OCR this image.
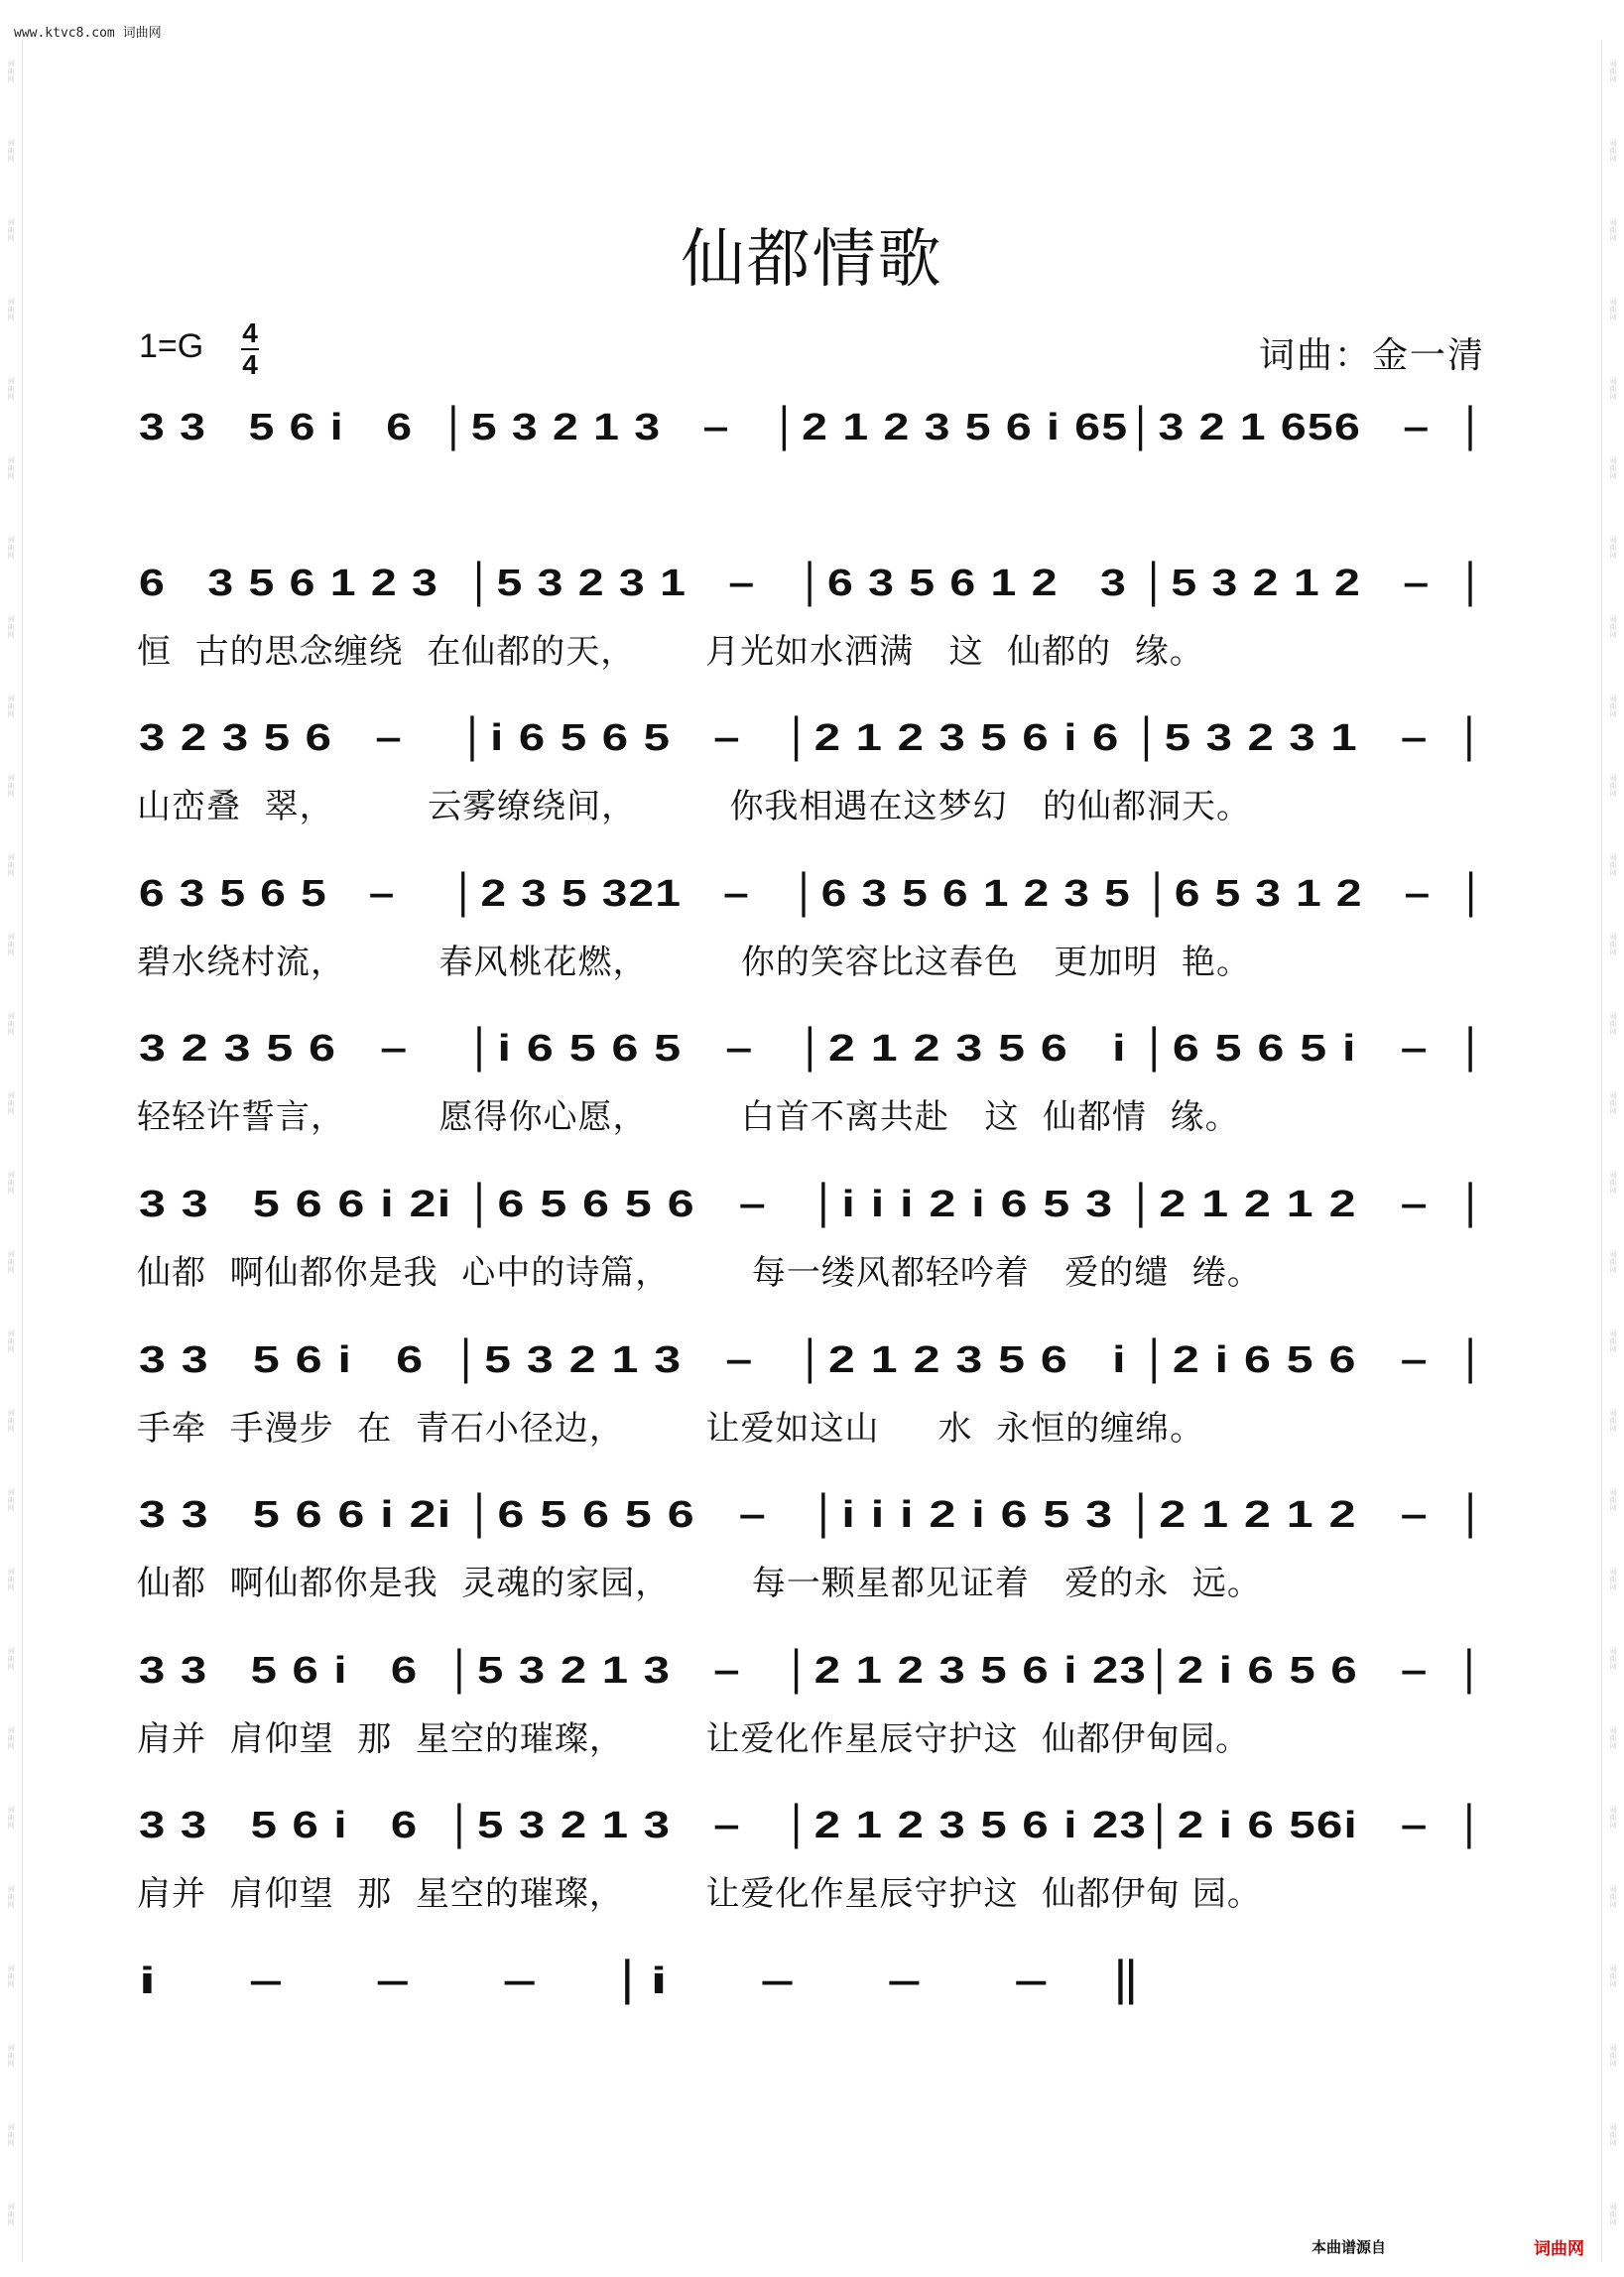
www.ktvc8.com 词曲网
词
曲
网
词
曲
网
词
曲
网
词
曲
网
词
曲
网
词
曲
网
词
曲
网
词
曲
网
词
曲
网
词
曲
网
词
曲
网
词
曲
网
词
曲
网
词
曲
网
词
曲
网
词
曲
网
词
曲
网
词
曲
网
词
曲
网
词
曲
网
词
曲
网
词
曲
网
词
曲
网
词
曲
网
词
曲
网
词
曲
网
词
曲
网
词
曲
网
词
曲
网
词
曲
网
词
曲
网
词
曲
网
词
曲
网
词
曲
网
词
曲
网
词
曲
网
词
曲
网
词
曲
网
词
曲
网
词
曲
网
词
曲
网
词
曲
网
词
曲
网
词
曲
网
词
曲
网
词
曲
网
词
曲
网
词
曲
网
词
曲
网
词
曲
网
词
曲
网
词
曲
网
词
曲
网
词
曲
网
词
曲
网
词
曲
网
仙都情歌
1=G 4
4	词曲：金一清
3 3   5 6 i   6  │5 3 2 1 3   –   │2 1 2 3 5 6 i 65│3 2 1 656   –  │
6   3 5 6 1 2 3  │5 3 2 3 1   –   │6 3 5 6 1 2   3 │5 3 2 1 2   –  │
恒  古的思念缠绕  在仙都的天，      月光如水洒满   这  仙都的  缘。
3 2 3 5 6   –    │i 6 5 6 5   –   │2 1 2 3 5 6 i 6 │5 3 2 3 1   –  │
山峦叠  翠，        云雾缭绕间，        你我相遇在这梦幻   的仙都洞天。
6 3 5 6 5   –    │2 3 5 321   –   │6 3 5 6 1 2 3 5 │6 5 3 1 2   –  │
碧水绕村流，        春风桃花燃，        你的笑容比这春色   更加明  艳。
3 2 3 5 6   –    │i 6 5 6 5   –   │2 1 2 3 5 6   i │6 5 6 5 i   –  │
轻轻许誓言，        愿得你心愿，        白首不离共赴   这  仙都情  缘。
3 3   5 6 6 i 2i │6 5 6 5 6   –   │i i i 2 i 6 5 3 │2 1 2 1 2   –  │
仙都  啊仙都你是我  心中的诗篇，       每一缕风都轻吟着   爱的缱  绻。
3 3   5 6 i   6  │5 3 2 1 3   –   │2 1 2 3 5 6   i │2 i 6 5 6   –  │
手牵  手漫步  在  青石小径边，       让爱如这山     水  永恒的缠绵。
3 3   5 6 6 i 2i │6 5 6 5 6   –   │i i i 2 i 6 5 3 │2 1 2 1 2   –  │
仙都  啊仙都你是我  灵魂的家园，       每一颗星都见证着   爱的永  远。
3 3   5 6 i   6  │5 3 2 1 3   –   │2 1 2 3 5 6 i 23│2 i 6 5 6   –  │
肩并  肩仰望  那  星空的璀璨，       让爱化作星辰守护这  仙都伊甸园。
3 3   5 6 i   6  │5 3 2 1 3   –   │2 1 2 3 5 6 i 23│2 i 6 56i   –  │
肩并  肩仰望  那  星空的璀璨，       让爱化作星辰守护这  仙都伊甸 园。
i     –     –     –    │i     –     –     –   ║
本曲谱源自	词曲网
